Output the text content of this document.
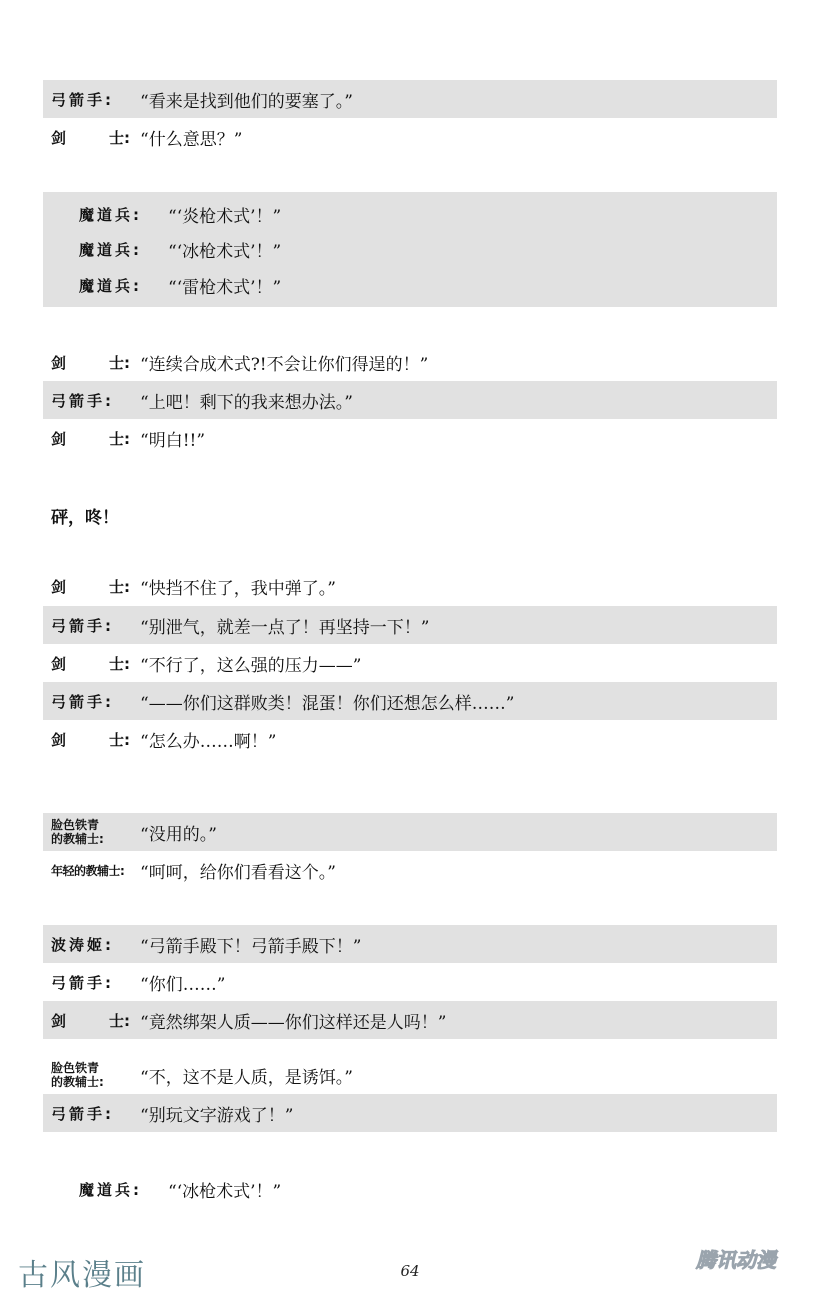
弓箭手:	“看来是找到他们的要塞了。”
剑	士: “什么意思？”
魔道兵:	“‘炎枪术式’！”
魔道兵:	“‘冰枪术式’！”
魔道兵:	“‘雷枪术式’！”
剑	士: “连续合成术式?!不会让你们得逞的！”
弓箭手:	“上吧！剩下的我来想办法。”
剑	士: “明白!!”
砰，咚！
剑	士: “快挡不住了，我中弹了。”
弓箭手:	“别泄气，就差一点了！再坚持一下！”
剑	士: “不行了，这么强的压力——”
弓箭手:	“——你们这群败类！混蛋！你们还想怎么样……”
剑	士: “怎么办……啊！”
脸色铁青
的教辅士:	“没用的。”
年轻的教辅士: “呵呵，给你们看看这个。”
波涛姬:	“弓箭手殿下！弓箭手殿下！”
弓箭手:	“你们……”
剑	士: “竟然绑架人质——你们这样还是人吗！”
脸色铁青
的教辅士:	“不，这不是人质，是诱饵。”
弓箭手:	“别玩文字游戏了！”
魔道兵:	“‘冰枪术式’！”
古风漫画	64	腾讯动漫
